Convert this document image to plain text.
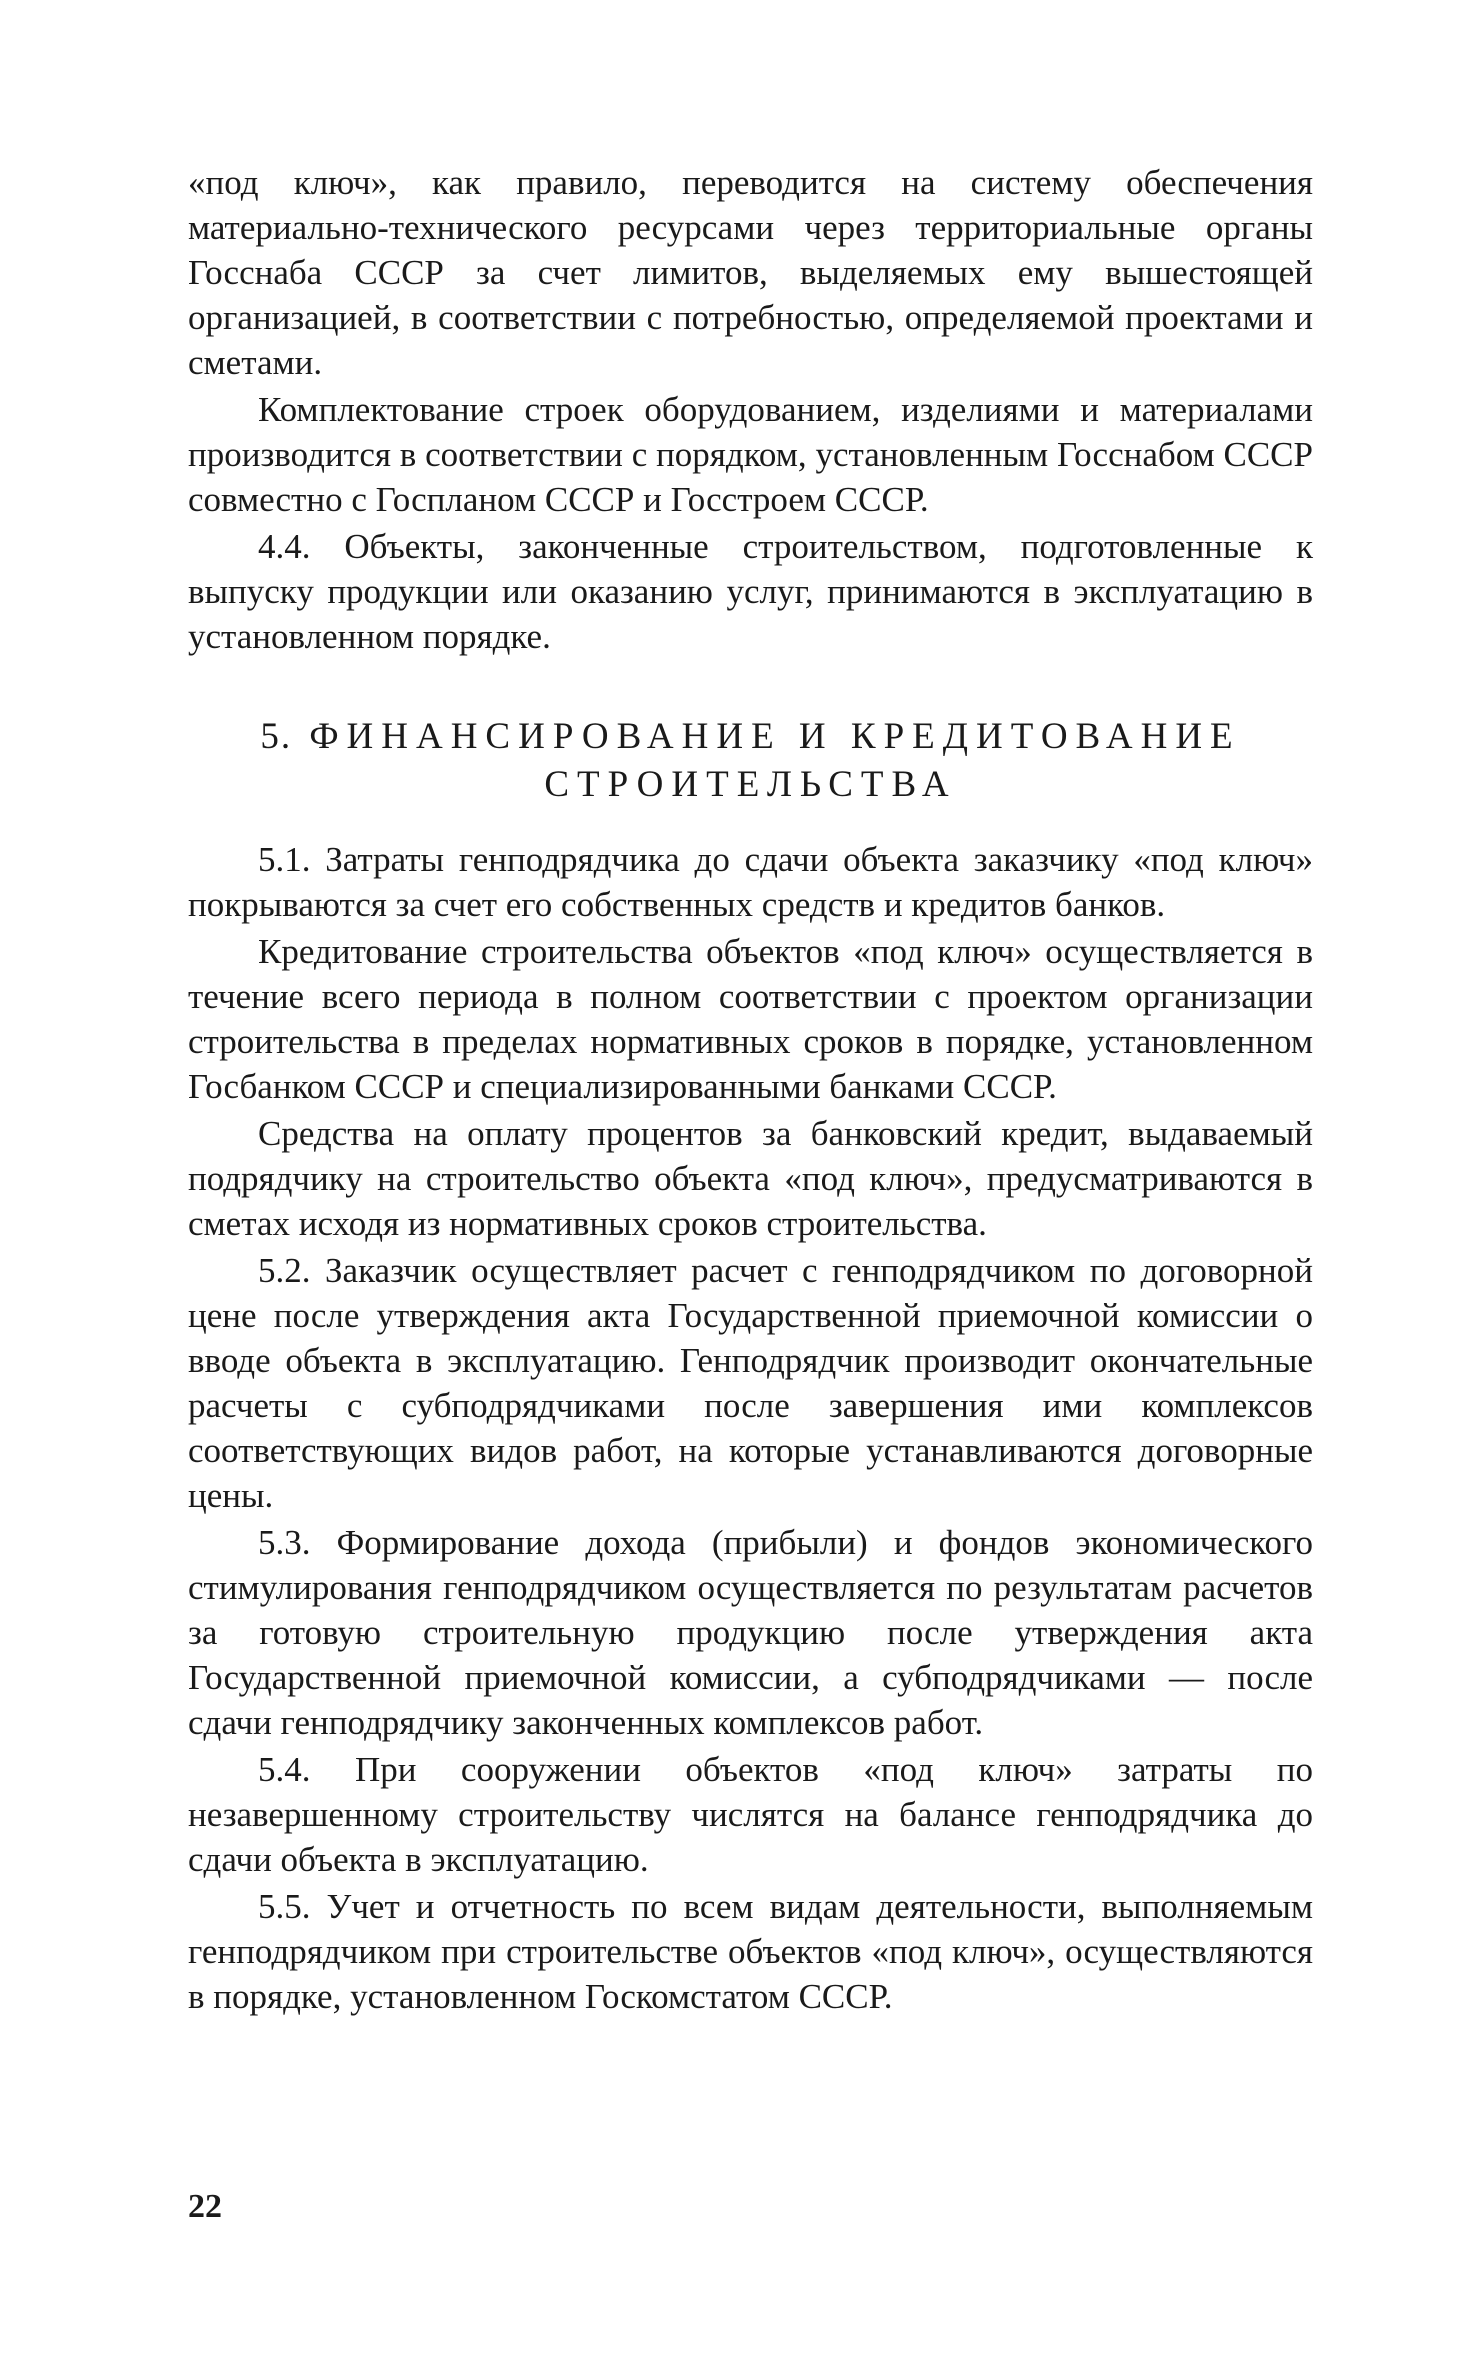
«под ключ», как правило, переводится на систему обеспечения материально-технического ресурсами через территориальные органы Госснаба СССР за счет лимитов, выделяемых ему вышестоящей организацией, в соответствии с потребностью, определяемой проектами и сметами.

Комплектование строек оборудованием, изделиями и материалами производится в соответствии с порядком, установленным Госснабом СССР совместно с Госпланом СССР и Госстроем СССР.

4.4. Объекты, законченные строительством, подготовленные к выпуску продукции или оказанию услуг, принимаются в эксплуатацию в установленном порядке.

5. ФИНАНСИРОВАНИЕ И КРЕДИТОВАНИЕ
СТРОИТЕЛЬСТВА

5.1. Затраты генподрядчика до сдачи объекта заказчику «под ключ» покрываются за счет его собственных средств и кредитов банков.

Кредитование строительства объектов «под ключ» осуществляется в течение всего периода в полном соответствии с проектом организации строительства в пределах нормативных сроков в порядке, установленном Госбанком СССР и специализированными банками СССР.

Средства на оплату процентов за банковский кредит, выдаваемый подрядчику на строительство объекта «под ключ», предусматриваются в сметах исходя из нормативных сроков строительства.

5.2. Заказчик осуществляет расчет с генподрядчиком по договорной цене после утверждения акта Государственной приемочной комиссии о вводе объекта в эксплуатацию. Генподрядчик производит окончательные расчеты с субподрядчиками после завершения ими комплексов соответствующих видов работ, на которые устанавливаются договорные цены.

5.3. Формирование дохода (прибыли) и фондов экономического стимулирования генподрядчиком осуществляется по результатам расчетов за готовую строительную продукцию после утверждения акта Государственной приемочной комиссии, а субподрядчиками — после сдачи генподрядчику законченных комплексов работ.

5.4. При сооружении объектов «под ключ» затраты по незавершенному строительству числятся на балансе генподрядчика до сдачи объекта в эксплуатацию.

5.5. Учет и отчетность по всем видам деятельности, выполняемым генподрядчиком при строительстве объектов «под ключ», осуществляются в порядке, установленном Госкомстатом СССР.

22
